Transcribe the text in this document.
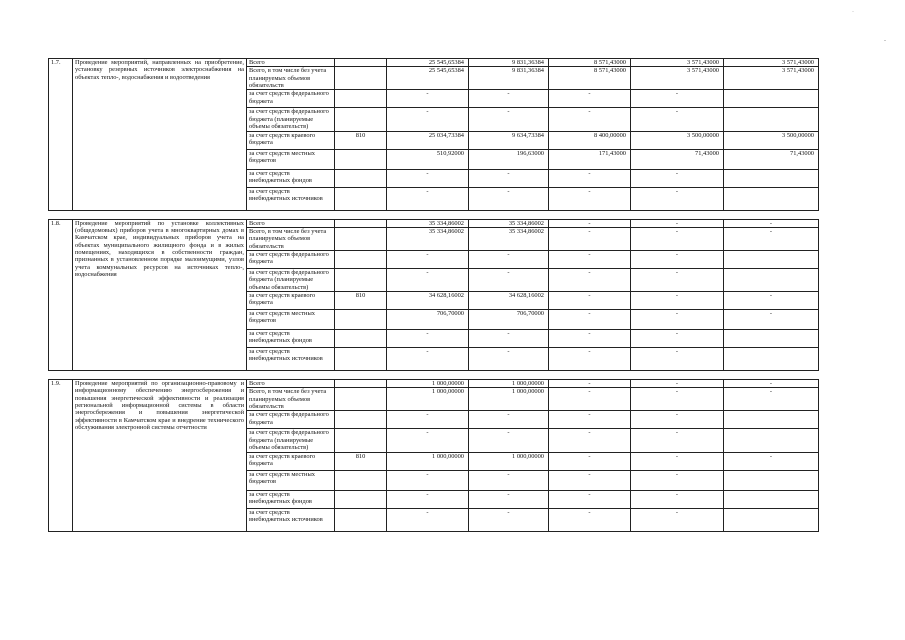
·
-
1.7.	Проведение мероприятий, направленных на приобретение, установку резервных источников электроснабжения на объектах тепло-, водоснабжения и водоотведения	Всего		25 545,65384	9 831,36384	8 571,43000	3 571,43000	3 571,43000
		Всего, в том числе без учета планируемых объемов обязательств		25 545,65384	9 831,36384	8 571,43000	3 571,43000	3 571,43000
		за счет средств федерального бюджета		-	-	-	-	
		за счет средств федерального бюджета (планируемые объемы обязательств)		-	-	-	-	
		за счет средств краевого бюджета	810	25 034,73384	9 634,73384	8 400,00000	3 500,00000	3 500,00000
		за счет средств местных бюджетов		510,92000	196,63000	171,43000	71,43000	71,43000
		за счет средств внебюджетных фондов		-	-	-	-	
		за счет средств внебюджетных источников		-	-	-	-	

1.8.	Проведение мероприятий по установке коллективных (общедомовых) приборов учета в многоквартирных домах в Камчатском крае, индивидуальных приборов учета на объектах муниципального жилищного фонда и в жилых помещениях, находящихся в собственности граждан, признанных в установленном порядке малоимущими, узлов учета коммунальных ресурсов на источниках тепло-, водоснабжения	Всего		35 334,86002	35 334,86002	-	-	-
		Всего, в том числе без учета планируемых объемов обязательств		35 334,86002	35 334,86002	-	-	-
		за счет средств федерального бюджета		-	-	-	-	
		за счет средств федерального бюджета (планируемые объемы обязательств)		-	-	-	-	
		за счет средств краевого бюджета	810	34 628,16002	34 628,16002	-	-	-
		за счет средств местных бюджетов		706,70000	706,70000	-	-	-
		за счет средств внебюджетных фондов		-	-	-	-	
		за счет средств внебюджетных источников		-	-	-	-	

1.9.	Проведение мероприятий по организационно-правовому и информационному обеспечению энергосбережения и повышения энергетической эффективности и реализация региональной информационной системы в области энергосбережения и повышения энергетической эффективности в Камчатском крае и внедрение технического обслуживания электронной системы отчетности	Всего		1 000,00000	1 000,00000	-	-	-
		Всего, в том числе без учета планируемых объемов обязательств		1 000,00000	1 000,00000	-	-	-
		за счет средств федерального бюджета		-	-	-	-	
		за счет средств федерального бюджета (планируемые объемы обязательств)		-	-	-	-	
		за счет средств краевого бюджета	810	1 000,00000	1 000,00000	-	-	-
		за счет средств местных бюджетов		-	-	-	-	
		за счет средств внебюджетных фондов		-	-	-	-	
		за счет средств внебюджетных источников		-	-	-	-	
